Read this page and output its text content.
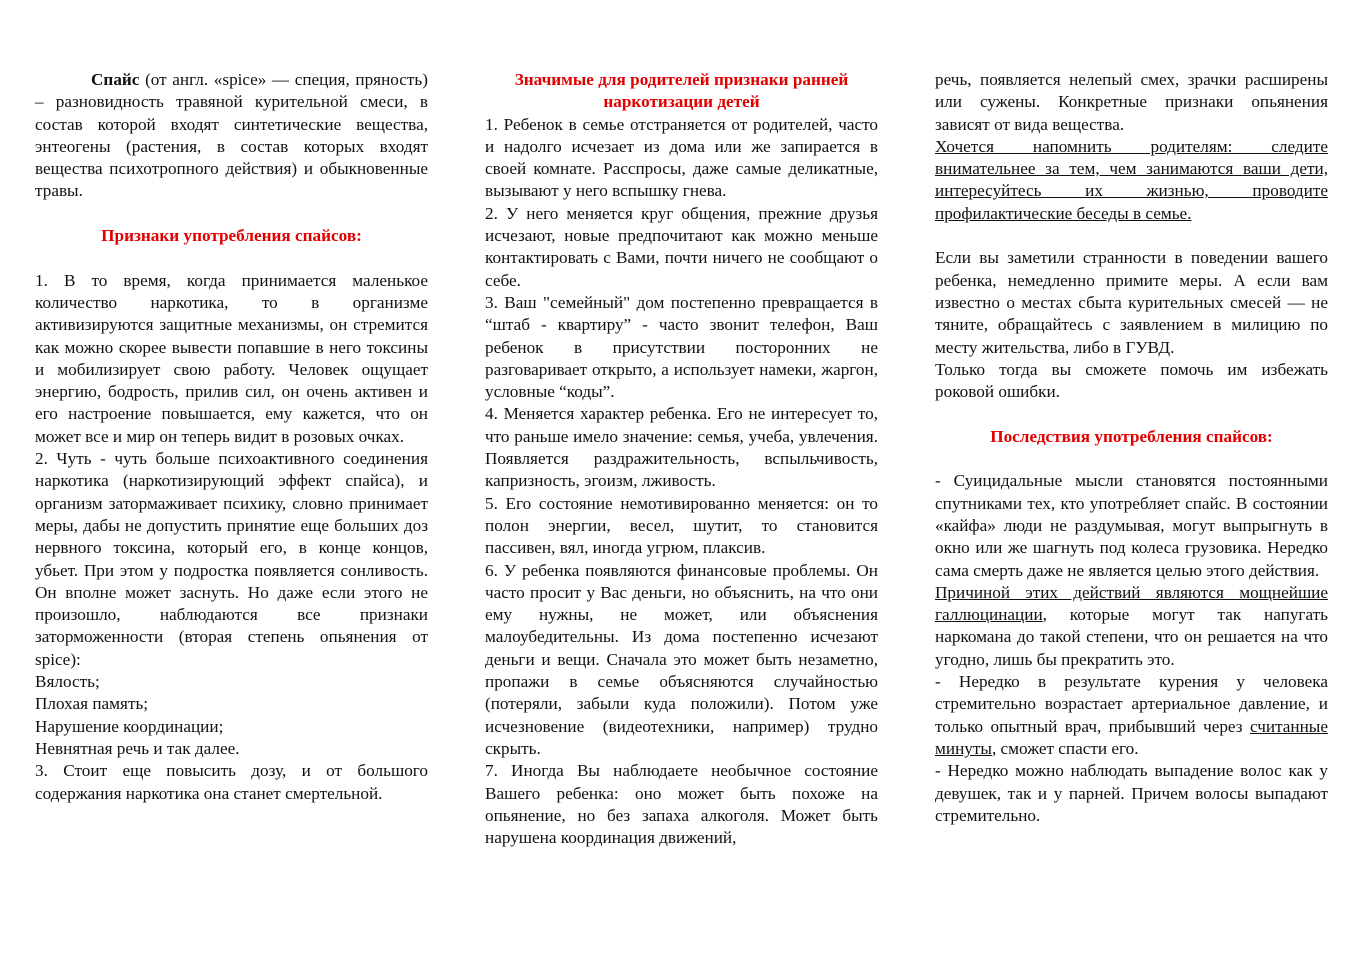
Спайс (от англ. «spice» — специя, пряность) – разновидность травяной курительной смеси, в состав которой входят синтетические вещества, энтеогены (растения, в состав которых входят вещества психотропного действия) и обыкновенные травы.

Признаки употребления спайсов:

1. В то время, когда принимается маленькое количество наркотика, то в организме активизируются защитные механизмы, он стремится как можно скорее вывести попавшие в него токсины и мобилизирует свою работу. Человек ощущает энергию, бодрость, прилив сил, он очень активен и его настроение повышается, ему кажется, что он может все и мир он теперь видит в розовых очках.

2. Чуть - чуть больше психоактивного соединения наркотика (наркотизирующий эффект спайса), и организм затормаживает психику, словно принимает меры, дабы не допустить принятие еще больших доз нервного токсина, который его, в конце концов, убьет. При этом у подростка появляется сонливость. Он вполне может заснуть. Но даже если этого не произошло, наблюдаются все признаки заторможенности (вторая степень опьянения от spice):

Вялость;

Плохая память;

Нарушение координации;

Невнятная речь и так далее.

3. Стоит еще повысить дозу, и от большого содержания наркотика она станет смертельной.

Значимые для родителей признаки ранней наркотизации детей

1. Ребенок в семье отстраняется от родителей, часто и надолго исчезает из дома или же запирается в своей комнате. Расспросы, даже самые деликатные, вызывают у него вспышку гнева.

2. У него меняется круг общения, прежние друзья исчезают, новые предпочитают как можно меньше контактировать с Вами, почти ничего не сообщают о себе.

3. Ваш "семейный" дом постепенно превращается в “штаб - квартиру” - часто звонит телефон, Ваш ребенок в присутствии посторонних не разговаривает открыто, а использует намеки, жаргон, условные “коды”.

4. Меняется характер ребенка. Его не интересует то, что раньше имело значение: семья, учеба, увлечения. Появляется раздражительность, вспыльчивость, капризность, эгоизм, лживость.

5. Его состояние немотивированно меняется: он то полон энергии, весел, шутит, то становится пассивен, вял, иногда угрюм, плаксив.

6. У ребенка появляются финансовые проблемы. Он часто просит у Вас деньги, но объяснить, на что они ему нужны, не может, или объяснения малоубедительны. Из дома постепенно исчезают деньги и вещи. Сначала это может быть незаметно, пропажи в семье объясняются случайностью (потеряли, забыли куда положили). Потом уже исчезновение (видеотехники, например) трудно скрыть.

7. Иногда Вы наблюдаете необычное состояние Вашего ребенка: оно может быть похоже на опьянение, но без запаха алкоголя. Может быть нарушена координация движений,

речь, появляется нелепый смех, зрачки расширены или сужены. Конкретные признаки опьянения зависят от вида вещества.

Хочется напомнить родителям: следите внимательнее за тем, чем занимаются ваши дети, интересуйтесь их жизнью, проводите профилактические беседы в семье.

Если вы заметили странности в поведении вашего ребенка, немедленно примите меры. А если вам известно о местах сбыта курительных смесей — не тяните, обращайтесь с заявлением в милицию по месту жительства, либо в ГУВД.

Только тогда вы сможете помочь им избежать роковой ошибки.

Последствия употребления спайсов:

- Суицидальные мысли становятся постоянными спутниками тех, кто употребляет спайс. В состоянии «кайфа» люди не раздумывая, могут выпрыгнуть в окно или же шагнуть под колеса грузовика. Нередко сама смерть даже не является целью этого действия.

Причиной этих действий являются мощнейшие галлюцинации, которые могут так напугать наркомана до такой степени, что он решается на что угодно, лишь бы прекратить это.

- Нередко в результате курения у человека стремительно возрастает артериальное давление, и только опытный врач, прибывший через считанные минуты, сможет спасти его.

- Нередко можно наблюдать выпадение волос как у девушек, так и у парней. Причем волосы выпадают стремительно.
